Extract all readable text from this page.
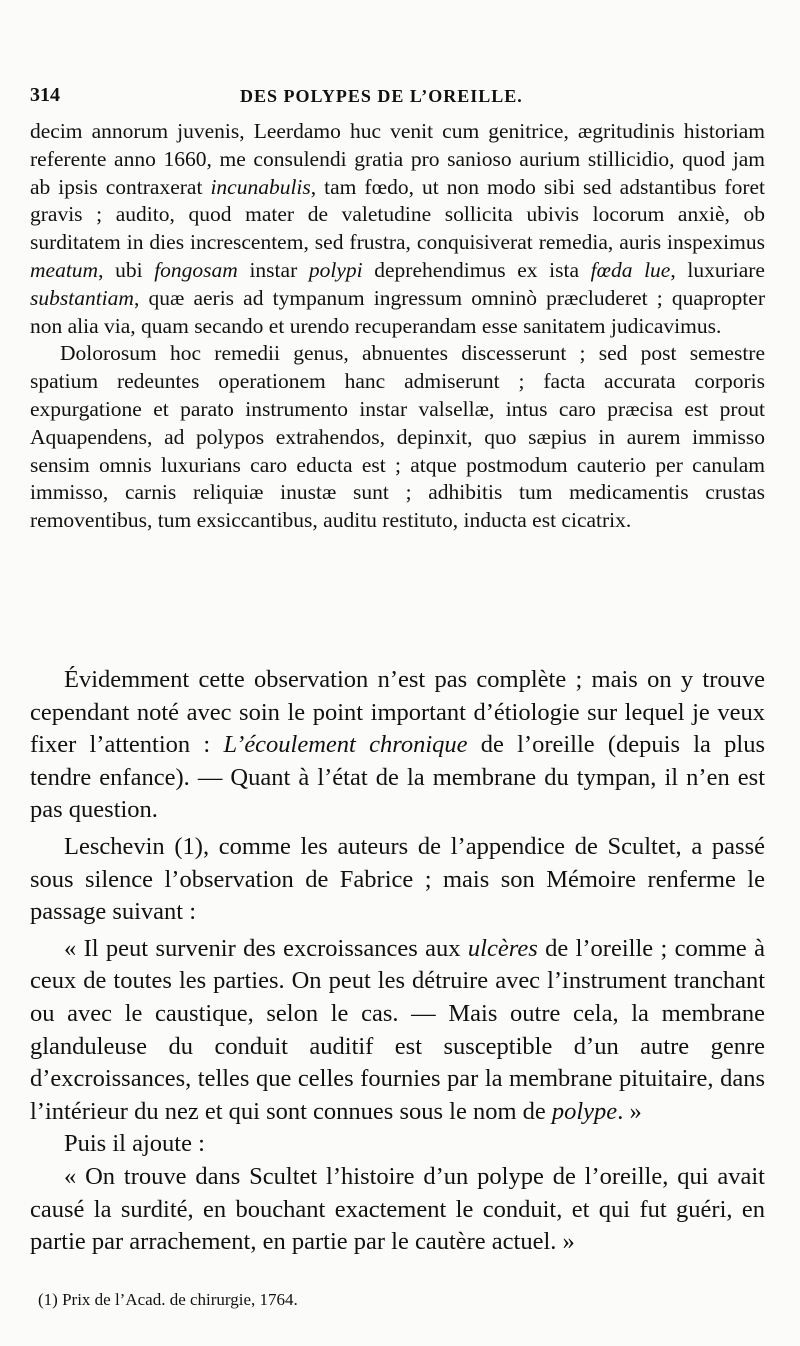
314	DES POLYPES DE L’OREILLE.

decim annorum juvenis, Leerdamo huc venit cum genitrice, ægritudinis historiam referente anno 1660, me consulendi gratia pro sanioso aurium stillicidio, quod jam ab ipsis contraxerat incunabulis, tam fœdo, ut non modo sibi sed adstantibus foret gravis ; audito, quod mater de valetudine sollicita ubivis locorum anxiè, ob surditatem in dies increscentem, sed frustra, conquisiverat remedia, auris inspeximus meatum, ubi fongosam instar polypi deprehendimus ex ista fœda lue, luxuriare substantiam, quæ aeris ad tympanum ingressum omninò præcluderet ; quapropter non alia via, quam secando et urendo recuperandam esse sanitatem judicavimus.

Dolorosum hoc remedii genus, abnuentes discesserunt ; sed post semestre spatium redeuntes operationem hanc admiserunt ; facta accurata corporis expurgatione et parato instrumento instar valsellæ, intus caro præcisa est prout Aquapendens, ad polypos extrahendos, depinxit, quo sæpius in aurem immisso sensim omnis luxurians caro educta est ; atque postmodum cauterio per canulam immisso, carnis reliquiæ inustæ sunt ; adhibitis tum medicamentis crustas removentibus, tum exsiccantibus, auditu restituto, inducta est cicatrix.

Évidemment cette observation n’est pas complète ; mais on y trouve cependant noté avec soin le point important d’étiologie sur lequel je veux fixer l’attention : L’écoulement chronique de l’oreille (depuis la plus tendre enfance). — Quant à l’état de la membrane du tympan, il n’en est pas question.

Leschevin (1), comme les auteurs de l’appendice de Scultet, a passé sous silence l’observation de Fabrice ; mais son Mémoire renferme le passage suivant :

« Il peut survenir des excroissances aux ulcères de l’oreille ; comme à ceux de toutes les parties. On peut les détruire avec l’instrument tranchant ou avec le caustique, selon le cas. — Mais outre cela, la membrane glanduleuse du conduit auditif est susceptible d’un autre genre d’excroissances, telles que celles fournies par la membrane pituitaire, dans l’intérieur du nez et qui sont connues sous le nom de polype. »

Puis il ajoute :

« On trouve dans Scultet l’histoire d’un polype de l’oreille, qui avait causé la surdité, en bouchant exactement le conduit, et qui fut guéri, en partie par arrachement, en partie par le cautère actuel. »

(1) Prix de l’Acad. de chirurgie, 1764.
